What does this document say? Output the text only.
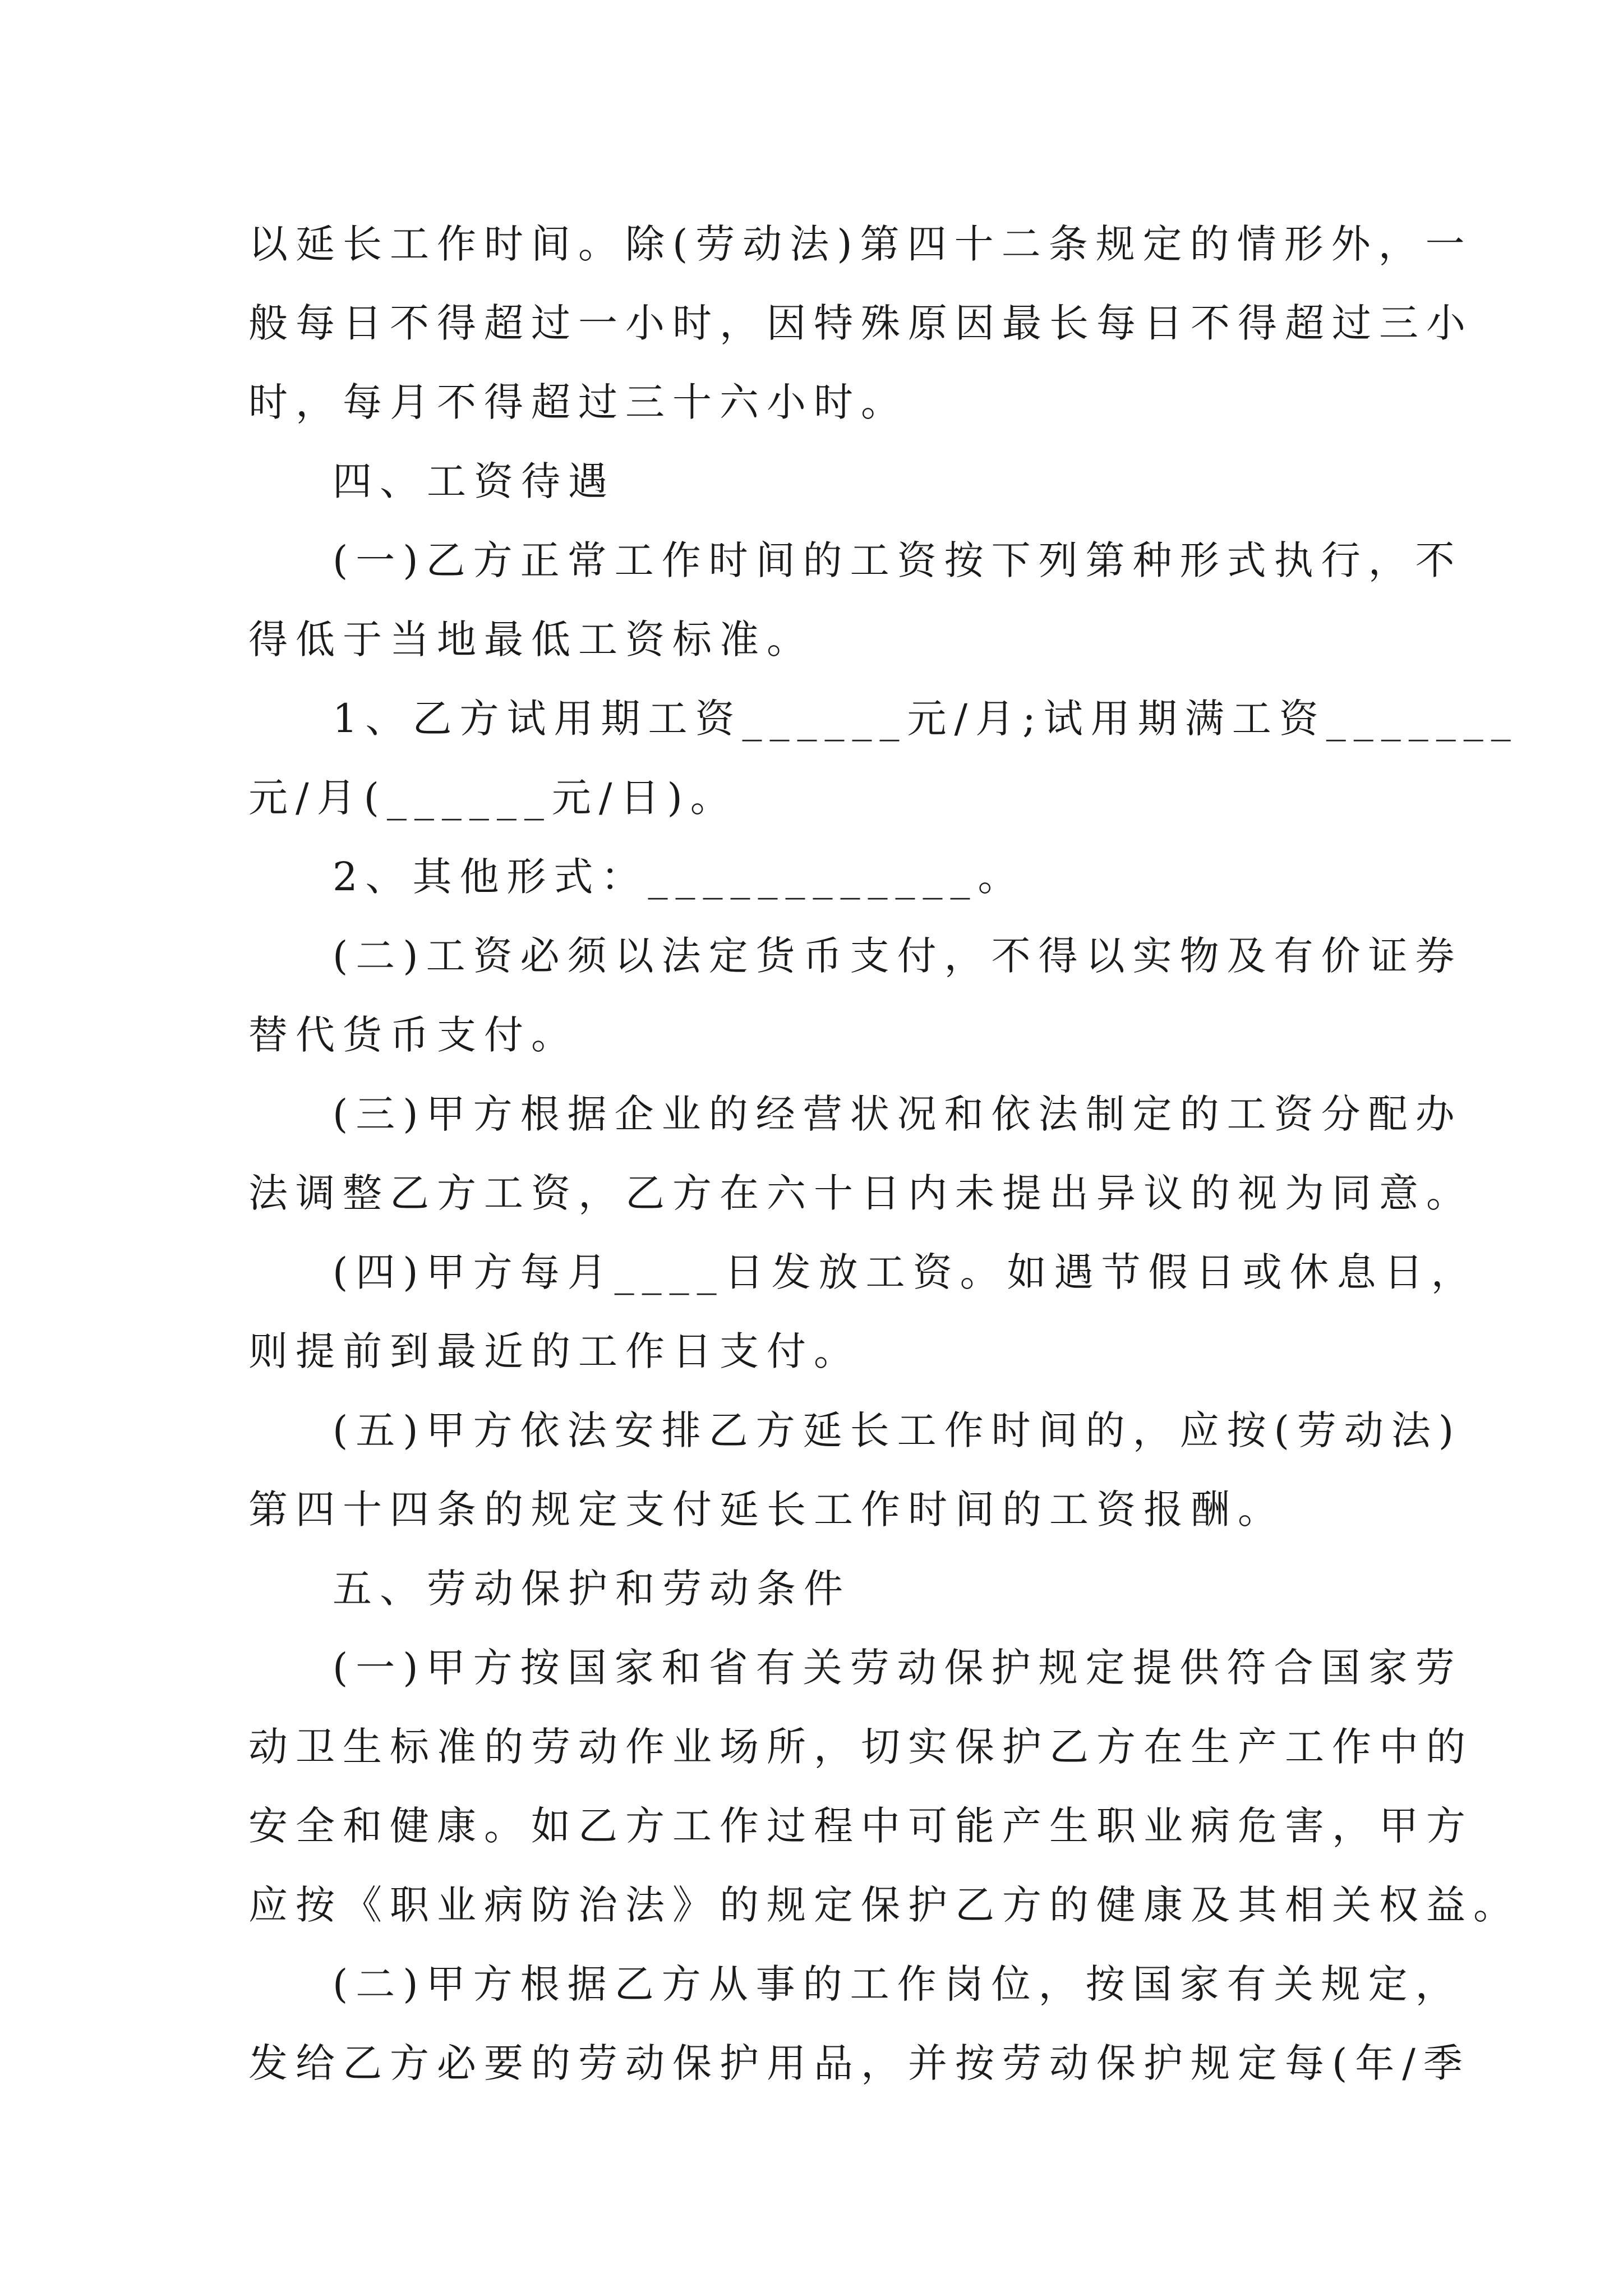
以延长工作时间。除(劳动法)第四十二条规定的情形外，一
般每日不得超过一小时，因特殊原因最长每日不得超过三小
时，每月不得超过三十六小时。
四、工资待遇
(一)乙方正常工作时间的工资按下列第种形式执行，不
得低于当地最低工资标准。
1、乙方试用期工资______元/月;试用期满工资_______
元/月(______元/日)。
2、其他形式：____________。
(二)工资必须以法定货币支付，不得以实物及有价证券
替代货币支付。
(三)甲方根据企业的经营状况和依法制定的工资分配办
法调整乙方工资，乙方在六十日内未提出异议的视为同意。
(四)甲方每月____日发放工资。如遇节假日或休息日，
则提前到最近的工作日支付。
(五)甲方依法安排乙方延长工作时间的，应按(劳动法)
第四十四条的规定支付延长工作时间的工资报酬。
五、劳动保护和劳动条件
(一)甲方按国家和省有关劳动保护规定提供符合国家劳
动卫生标准的劳动作业场所，切实保护乙方在生产工作中的
安全和健康。如乙方工作过程中可能产生职业病危害，甲方
应按《职业病防治法》的规定保护乙方的健康及其相关权益。
(二)甲方根据乙方从事的工作岗位，按国家有关规定，
发给乙方必要的劳动保护用品，并按劳动保护规定每(年/季
